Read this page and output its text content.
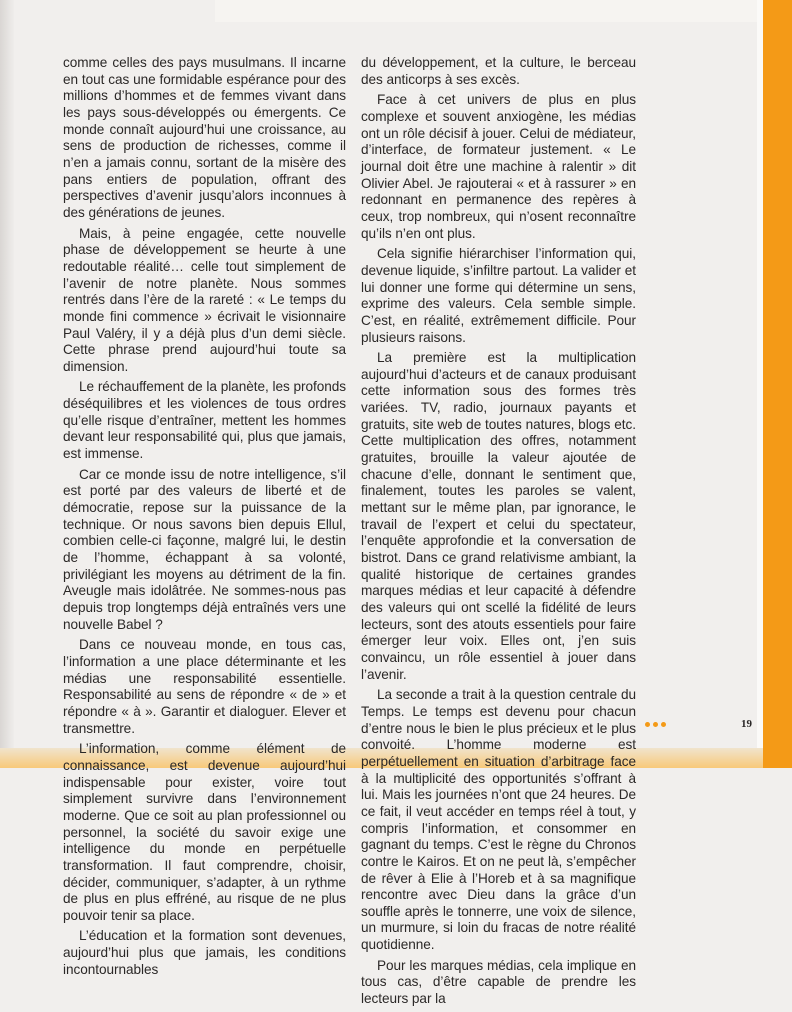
comme celles des pays musulmans. Il incarne en tout cas une formidable espérance pour des millions d’hommes et de femmes vivant dans les pays sous-développés ou émergents. Ce monde connaît aujourd’hui une croissance, au sens de production de richesses, comme il n’en a jamais connu, sortant de la misère des pans entiers de population, offrant des perspectives d’avenir jusqu’alors inconnues à des générations de jeunes.

Mais, à peine engagée, cette nouvelle phase de développement se heurte à une redoutable réalité… celle tout simplement de l’avenir de notre planète. Nous sommes rentrés dans l’ère de la rareté : « Le temps du monde fini commence » écrivait le visionnaire Paul Valéry, il y a déjà plus d’un demi siècle. Cette phrase prend aujourd’hui toute sa dimension.

Le réchauffement de la planète, les profonds déséquilibres et les violences de tous ordres qu’elle risque d’entraîner, mettent les hommes devant leur responsabilité qui, plus que jamais, est immense.

Car ce monde issu de notre intelligence, s’il est porté par des valeurs de liberté et de démocratie, repose sur la puissance de la technique. Or nous savons bien depuis Ellul, combien celle-ci façonne, malgré lui, le destin de l’homme, échappant à sa volonté, privilégiant les moyens au détriment de la fin. Aveugle mais idolâtrée. Ne sommes-nous pas depuis trop longtemps déjà entraînés vers une nouvelle Babel ?

Dans ce nouveau monde, en tous cas, l’information a une place déterminante et les médias une responsabilité essentielle. Responsabilité au sens de répondre « de » et répondre « à ». Garantir et dialoguer. Elever et transmettre.

L’information, comme élément de connaissance, est devenue aujourd’hui indispensable pour exister, voire tout simplement survivre dans l’environnement moderne. Que ce soit au plan professionnel ou personnel, la société du savoir exige une intelligence du monde en perpétuelle transformation. Il faut comprendre, choisir, décider, communiquer, s’adapter, à un rythme de plus en plus effréné, au risque de ne plus pouvoir tenir sa place.

L’éducation et la formation sont devenues, aujourd’hui plus que jamais, les conditions incontournables

du développement, et la culture, le berceau des anticorps à ses excès.

Face à cet univers de plus en plus complexe et souvent anxiogène, les médias ont un rôle décisif à jouer. Celui de médiateur, d’interface, de formateur justement. « Le journal doit être une machine à ralentir » dit Olivier Abel. Je rajouterai « et à rassurer » en redonnant en permanence des repères à ceux, trop nombreux, qui n’osent reconnaître qu’ils n’en ont plus.

Cela signifie hiérarchiser l’information qui, devenue liquide, s’infiltre partout. La valider et lui donner une forme qui détermine un sens, exprime des valeurs. Cela semble simple. C’est, en réalité, extrêmement difficile. Pour plusieurs raisons.

La première est la multiplication aujourd’hui d’acteurs et de canaux produisant cette information sous des formes très variées. TV, radio, journaux payants et gratuits, site web de toutes natures, blogs etc. Cette multiplication des offres, notamment gratuites, brouille la valeur ajoutée de chacune d’elle, donnant le sentiment que, finalement, toutes les paroles se valent, mettant sur le même plan, par ignorance, le travail de l’expert et celui du spectateur, l’enquête approfondie et la conversation de bistrot. Dans ce grand relativisme ambiant, la qualité historique de certaines grandes marques médias et leur capacité à défendre des valeurs qui ont scellé la fidélité de leurs lecteurs, sont des atouts essentiels pour faire émerger leur voix. Elles ont, j’en suis convaincu, un rôle essentiel à jouer dans l’avenir.

La seconde a trait à la question centrale du Temps. Le temps est devenu pour chacun d’entre nous le bien le plus précieux et le plus convoité. L’homme moderne est perpétuellement en situation d’arbitrage face à la multiplicité des opportunités s’offrant à lui. Mais les journées n’ont que 24 heures. De ce fait, il veut accéder en temps réel à tout, y compris l’information, et consommer en gagnant du temps. C’est le règne du Chronos contre le Kairos. Et on ne peut là, s’empêcher de rêver à Elie à l’Horeb et à sa magnifique rencontre avec Dieu dans la grâce d’un souffle après le tonnerre, une voix de silence, un murmure, si loin du fracas de notre réalité quotidienne.

Pour les marques médias, cela implique en tous cas, d’être capable de prendre les lecteurs par la

19
